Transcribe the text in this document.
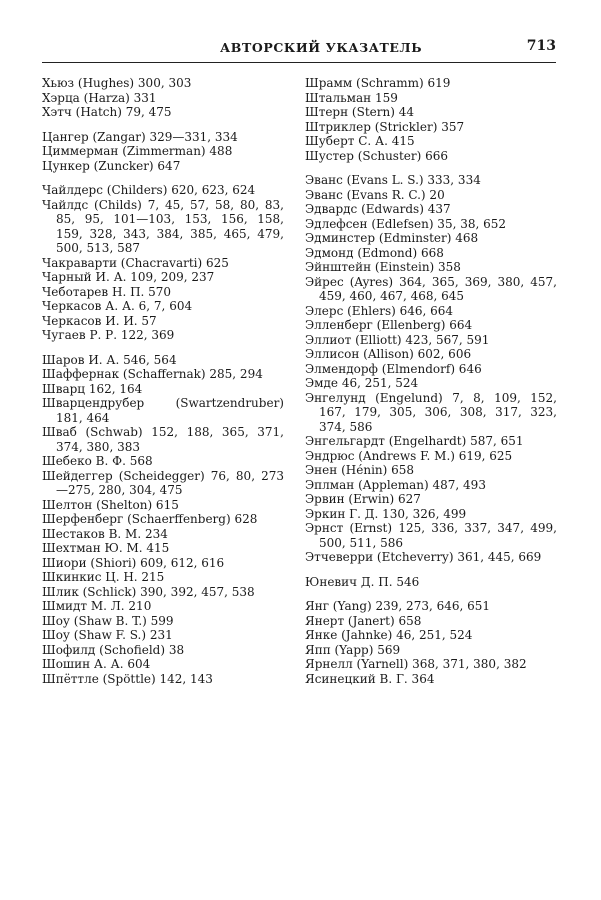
АВТОРСКИЙ УКАЗАТЕЛЬ	713
Хьюз (Hughes) 300, 303
Хэрца (Harza) 331
Хэтч (Hatch) 79, 475
Цангер (Zangar) 329—331, 334
Циммерман (Zimmerman) 488
Цункер (Zuncker) 647
Чайлдерс (Childers) 620, 623, 624
Чайлдс (Childs) 7, 45, 57, 58, 80, 83, 85, 95, 101—103, 153, 156, 158, 159, 328, 343, 384, 385, 465, 479, 500, 513, 587
Чакраварти (Chacravarti) 625
Чарный И. А. 109, 209, 237
Чеботарев Н. П. 570
Черкасов А. А. 6, 7, 604
Черкасов И. И. 57
Чугаев Р. Р. 122, 369
Шаров И. А. 546, 564
Шаффернак (Schaffernak) 285, 294
Шварц 162, 164
Шварцендрубер (Swartzendruber) 181, 464
Шваб (Schwab) 152, 188, 365, 371, 374, 380, 383
Шебеко В. Ф. 568
Шейдеггер (Scheidegger) 76, 80, 273—275, 280, 304, 475
Шелтон (Shelton) 615
Шерфенберг (Schaerffenberg) 628
Шестаков В. М. 234
Шехтман Ю. М. 415
Шиори (Shiori) 609, 612, 616
Шкинкис Ц. Н. 215
Шлик (Schlick) 390, 392, 457, 538
Шмидт М. Л. 210
Шоу (Shaw B. T.) 599
Шоу (Shaw F. S.) 231
Шофилд (Schofield) 38
Шошин А. А. 604
Шпёттле (Spöttle) 142, 143
Шрамм (Schramm) 619
Штальман 159
Штерн (Stern) 44
Штриклер (Strickler) 357
Шуберт С. А. 415
Шустер (Schuster) 666
Эванс (Evans L. S.) 333, 334
Эванс (Evans R. C.) 20
Эдвардс (Edwards) 437
Эдлефсен (Edlefsen) 35, 38, 652
Эдминстер (Edminster) 468
Эдмонд (Edmond) 668
Эйнштейн (Einstein) 358
Эйрес (Ayres) 364, 365, 369, 380, 457, 459, 460, 467, 468, 645
Элерс (Ehlers) 646, 664
Элленберг (Ellenberg) 664
Эллиот (Elliott) 423, 567, 591
Эллисон (Allison) 602, 606
Элмендорф (Elmendorf) 646
Эмде 46, 251, 524
Энгелунд (Engelund) 7, 8, 109, 152, 167, 179, 305, 306, 308, 317, 323, 374, 586
Энгельгардт (Engelhardt) 587, 651
Эндрюс (Andrews F. M.) 619, 625
Энен (Hénin) 658
Эплман (Appleman) 487, 493
Эрвин (Erwin) 627
Эркин Г. Д. 130, 326, 499
Эрнст (Ernst) 125, 336, 337, 347, 499, 500, 511, 586
Этчеверри (Etcheverry) 361, 445, 669
Юневич Д. П. 546
Янг (Yang) 239, 273, 646, 651
Янерт (Janert) 658
Янке (Jahnke) 46, 251, 524
Япп (Yapp) 569
Ярнелл (Yarnell) 368, 371, 380, 382
Ясинецкий В. Г. 364
